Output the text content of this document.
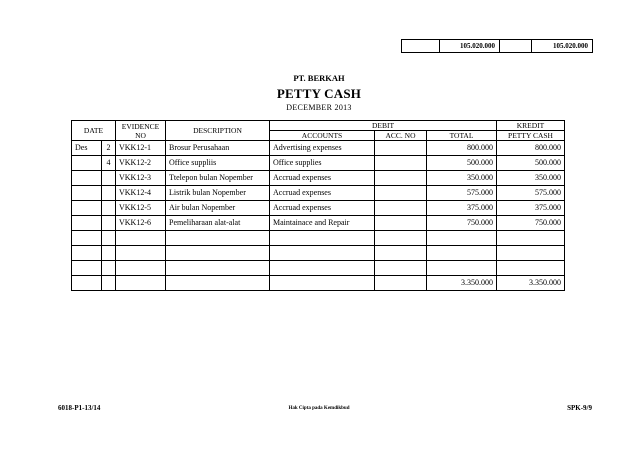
105.020.000	105.020.000
PT. BERKAH
PETTY CASH
DECEMBER 2013
DATE		EVIDENCE NO	DESCRIPTION	DEBIT			KREDIT
				ACCOUNTS	ACC. NO	TOTAL	PETTY CASH
Des	2	VKK12-1	Brosur Perusahaan	Advertising expenses		800.000	800.000
	4	VKK12-2	Office suppliis	Office supplies		500.000	500.000
		VKK12-3	Ttelepon bulan Nopember	Accruad expenses		350.000	350.000
		VKK12-4	Listrik bulan Nopember	Accruad expenses		575.000	575.000
		VKK12-5	Air bulan Nopember	Accruad expenses		375.000	375.000
		VKK12-6	Pemeliharaan alat-alat	Maintainace and Repair		750.000	750.000

						3.350.000	3.350.000
6018-P1-13/14	Hak Cipta pada Kemdikbud	SPK-9/9
